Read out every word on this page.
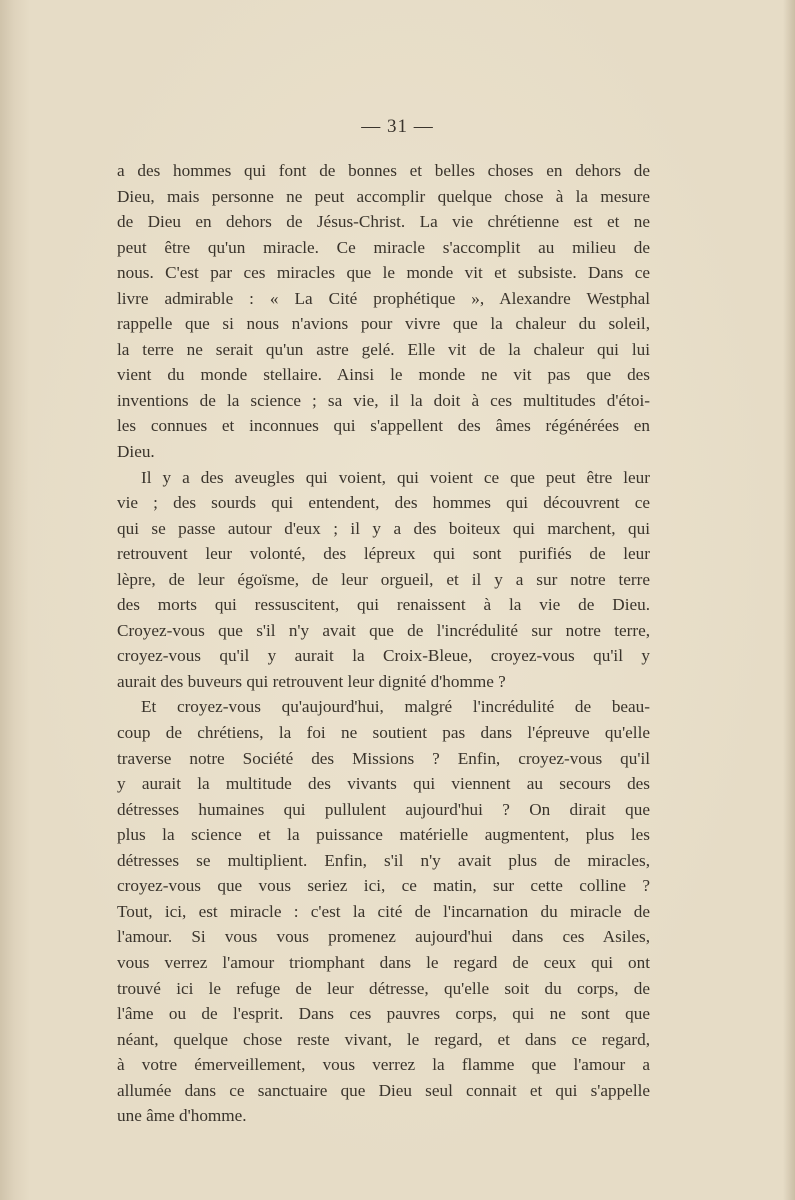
— 31 —
a des hommes qui font de bonnes et belles choses en dehors de
Dieu, mais personne ne peut accomplir quelque chose à la mesure
de Dieu en dehors de Jésus-Christ. La vie chrétienne est et ne
peut être qu'un miracle. Ce miracle s'accomplit au milieu de
nous. C'est par ces miracles que le monde vit et subsiste. Dans ce
livre admirable : « La Cité prophétique », Alexandre Westphal
rappelle que si nous n'avions pour vivre que la chaleur du soleil,
la terre ne serait qu'un astre gelé. Elle vit de la chaleur qui lui
vient du monde stellaire. Ainsi le monde ne vit pas que des
inventions de la science ; sa vie, il la doit à ces multitudes d'étoi-
les connues et inconnues qui s'appellent des âmes régénérées en
Dieu.
Il y a des aveugles qui voient, qui voient ce que peut être leur
vie ; des sourds qui entendent, des hommes qui découvrent ce
qui se passe autour d'eux ; il y a des boiteux qui marchent, qui
retrouvent leur volonté, des lépreux qui sont purifiés de leur
lèpre, de leur égoïsme, de leur orgueil, et il y a sur notre terre
des morts qui ressuscitent, qui renaissent à la vie de Dieu.
Croyez-vous que s'il n'y avait que de l'incrédulité sur notre terre,
croyez-vous qu'il y aurait la Croix-Bleue, croyez-vous qu'il y
aurait des buveurs qui retrouvent leur dignité d'homme ?
Et croyez-vous qu'aujourd'hui, malgré l'incrédulité de beau-
coup de chrétiens, la foi ne soutient pas dans l'épreuve qu'elle
traverse notre Société des Missions ? Enfin, croyez-vous qu'il
y aurait la multitude des vivants qui viennent au secours des
détresses humaines qui pullulent aujourd'hui ? On dirait que
plus la science et la puissance matérielle augmentent, plus les
détresses se multiplient. Enfin, s'il n'y avait plus de miracles,
croyez-vous que vous seriez ici, ce matin, sur cette colline ?
Tout, ici, est miracle : c'est la cité de l'incarnation du miracle de
l'amour. Si vous vous promenez aujourd'hui dans ces Asiles,
vous verrez l'amour triomphant dans le regard de ceux qui ont
trouvé ici le refuge de leur détresse, qu'elle soit du corps, de
l'âme ou de l'esprit. Dans ces pauvres corps, qui ne sont que
néant, quelque chose reste vivant, le regard, et dans ce regard,
à votre émerveillement, vous verrez la flamme que l'amour a
allumée dans ce sanctuaire que Dieu seul connait et qui s'appelle
une âme d'homme.
